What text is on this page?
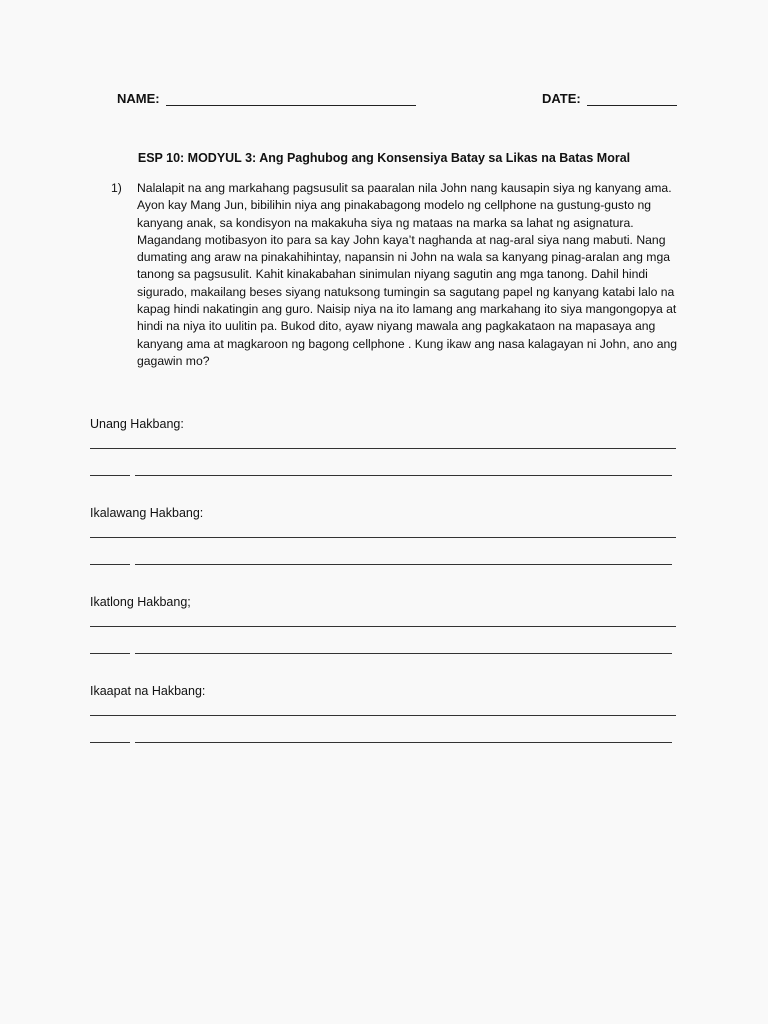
NAME:	DATE:
ESP 10: MODYUL 3: Ang Paghubog ang Konsensiya Batay sa Likas na Batas Moral
1) Nalalapit na ang markahang pagsusulit sa paaralan nila John nang kausapin siya ng kanyang ama. Ayon kay Mang Jun, bibilihin niya ang pinakabagong modelo ng cellphone na gustung-gusto ng kanyang anak, sa kondisyon na makakuha siya ng mataas na marka sa lahat ng asignatura. Magandang motibasyon ito para sa kay John kaya’t naghanda at nag-aral siya nang mabuti. Nang dumating ang araw na pinakahihintay, napansin ni John na wala sa kanyang pinag-aralan ang mga tanong sa pagsusulit. Kahit kinakabahan sinimulan niyang sagutin ang mga tanong. Dahil hindi sigurado, makailang beses siyang natuksong tumingin sa sagutang papel ng kanyang katabi lalo na kapag hindi nakatingin ang guro. Naisip niya na ito lamang ang markahang ito siya mangongopya at hindi na niya ito uulitin pa. Bukod dito, ayaw niyang mawala ang pagkakataon na mapasaya ang kanyang ama at magkaroon ng bagong cellphone . Kung ikaw ang nasa kalagayan ni John, ano ang gagawin mo?
Unang Hakbang:
Ikalawang Hakbang:
Ikatlong Hakbang;
Ikaapat na Hakbang:
